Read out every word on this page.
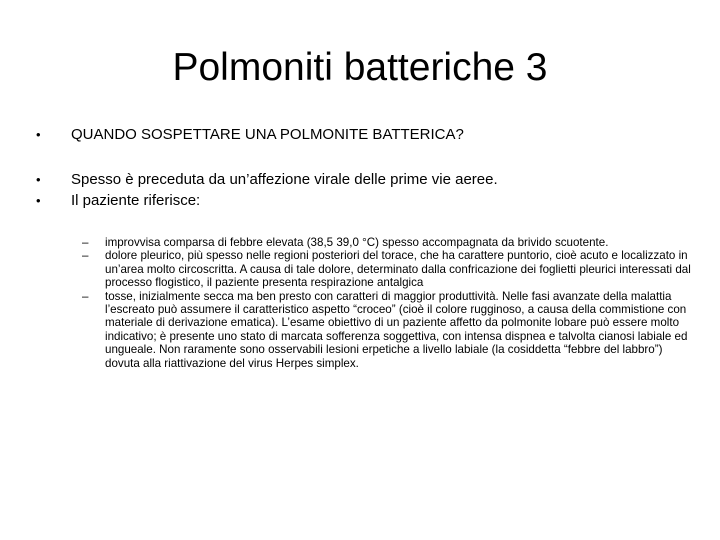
Polmoniti batteriche 3
•	QUANDO SOSPETTARE UNA POLMONITE BATTERICA?
•	Spesso è preceduta da un’affezione virale delle prime vie aeree.
•	Il paziente riferisce:
–	improvvisa comparsa di febbre elevata (38,5 39,0 °C) spesso accompagnata da brivido scuotente.
–	dolore pleurico, più spesso nelle regioni posteriori del torace, che ha carattere puntorio, cioè acuto e localizzato in un’area molto circoscritta. A causa di tale dolore, determinato dalla confricazione dei foglietti pleurici interessati dal processo flogistico, il paziente presenta respirazione antalgica
–	tosse, inizialmente secca ma ben presto con caratteri di maggior produttività. Nelle fasi avanzate della malattia l’escreato può assumere il caratteristico aspetto “croceo” (cioè il colore rugginoso, a causa della commistione con materiale di derivazione ematica). L’esame obiettivo di un paziente affetto da polmonite lobare può essere molto indicativo; è presente uno stato di marcata sofferenza soggettiva, con intensa dispnea e talvolta cianosi labiale ed ungueale. Non raramente sono osservabili lesioni erpetiche a livello labiale (la cosiddetta “febbre del labbro”) dovuta alla riattivazione del virus Herpes simplex.
